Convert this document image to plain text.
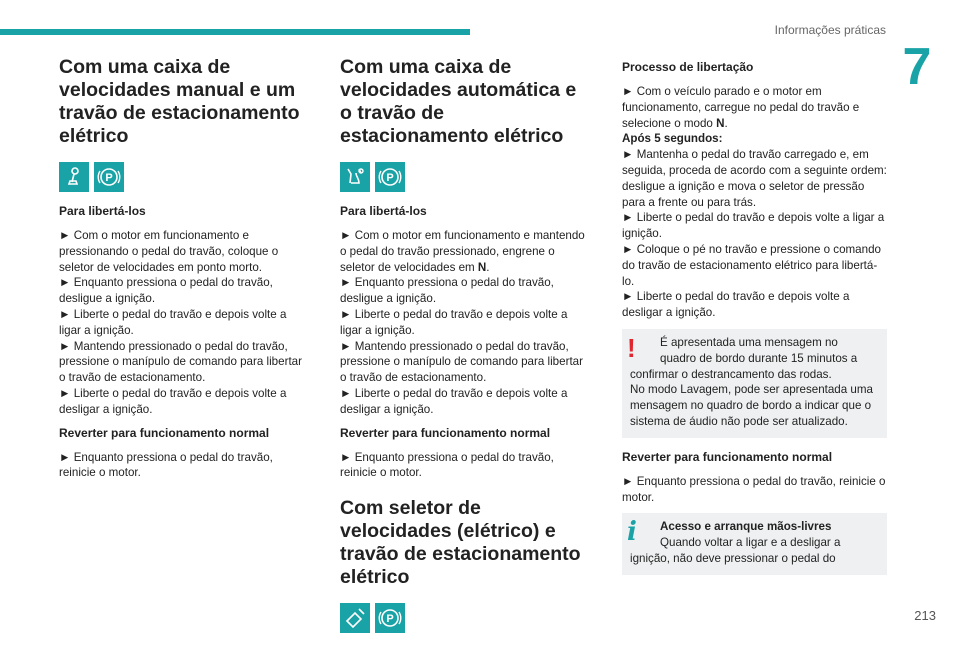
Informações práticas
7
Com uma caixa de velocidades manual e um travão de estacionamento elétrico
P
Para libertá-los

► Com o motor em funcionamento e pressionando o pedal do travão, coloque o seletor de velocidades em ponto morto.
► Enquanto pressiona o pedal do travão, desligue a ignição.
► Liberte o pedal do travão e depois volte a ligar a ignição.
► Mantendo pressionado o pedal do travão, pressione o manípulo de comando para libertar o travão de estacionamento.
► Liberte o pedal do travão e depois volte a desligar a ignição.

Reverter para funcionamento normal

► Enquanto pressiona o pedal do travão, reinicie o motor.

Com uma caixa de velocidades automática e o travão de estacionamento elétrico
P
Para libertá-los

► Com o motor em funcionamento e mantendo o pedal do travão pressionado, engrene o seletor de velocidades em N.
► Enquanto pressiona o pedal do travão, desligue a ignição.
► Liberte o pedal do travão e depois volte a ligar a ignição.
► Mantendo pressionado o pedal do travão, pressione o manípulo de comando para libertar o travão de estacionamento.
► Liberte o pedal do travão e depois volte a desligar a ignição.

Reverter para funcionamento normal

► Enquanto pressiona o pedal do travão, reinicie o motor.

Com seletor de velocidades (elétrico) e travão de estacionamento elétrico
P
Processo de libertação

► Com o veículo parado e o motor em funcionamento, carregue no pedal do travão e selecione o modo N.

Após 5 segundos:

► Mantenha o pedal do travão carregado e, em seguida, proceda de acordo com a seguinte ordem: desligue a ignição e mova o seletor de pressão para a frente ou para trás.
► Liberte o pedal do travão e depois volte a ligar a ignição.
► Coloque o pé no travão e pressione o comando do travão de estacionamento elétrico para libertá-lo.
► Liberte o pedal do travão e depois volte a desligar a ignição.

!	É apresentada uma mensagem no
quadro de bordo durante 15 minutos a
confirmar o destrancamento das rodas.
No modo Lavagem, pode ser apresentada uma mensagem no quadro de bordo a indicar que o sistema de áudio não pode ser atualizado.

Reverter para funcionamento normal

► Enquanto pressiona o pedal do travão, reinicie o motor.

i	Acesso e arranque mãos-livres
Quando voltar a ligar e a desligar a
ignição, não deve pressionar o pedal do

213
